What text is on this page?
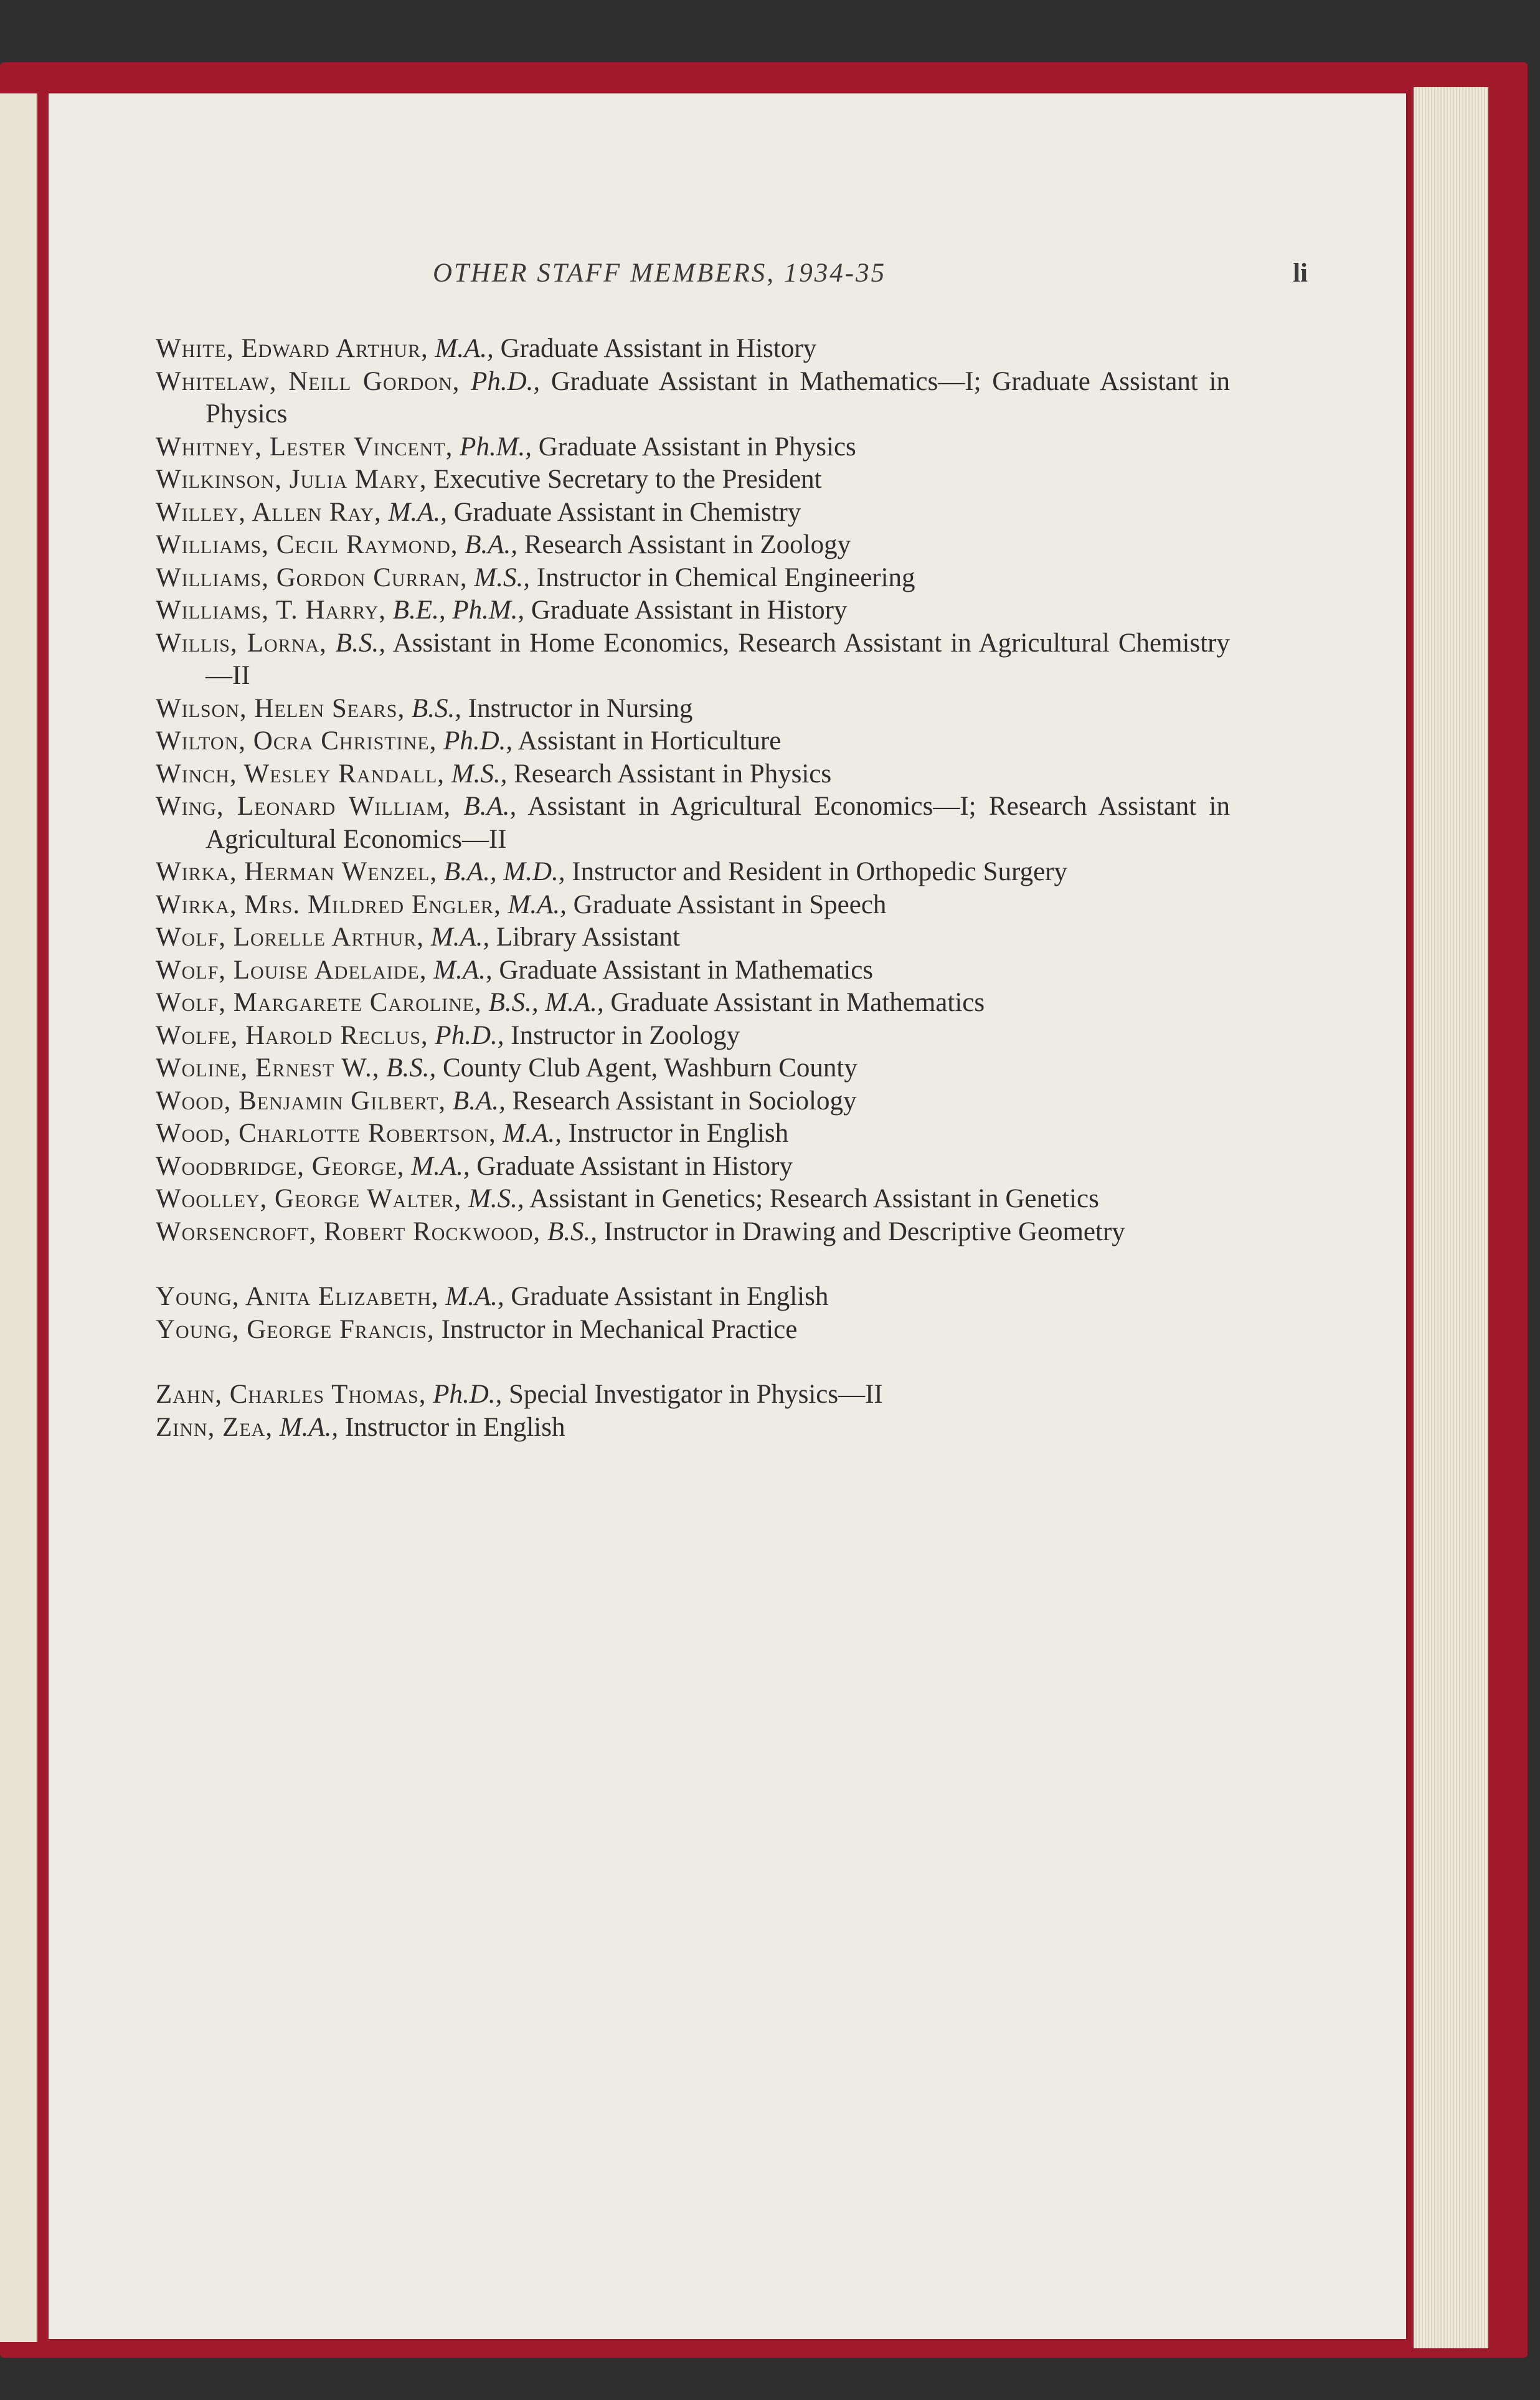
OTHER STAFF MEMBERS, 1934-35	li
White, Edward Arthur, M.A., Graduate Assistant in History
Whitelaw, Neill Gordon, Ph.D., Graduate Assistant in Mathematics—I; Graduate Assistant in Physics
Whitney, Lester Vincent, Ph.M., Graduate Assistant in Physics
Wilkinson, Julia Mary, Executive Secretary to the President
Willey, Allen Ray, M.A., Graduate Assistant in Chemistry
Williams, Cecil Raymond, B.A., Research Assistant in Zoology
Williams, Gordon Curran, M.S., Instructor in Chemical Engineering
Williams, T. Harry, B.E., Ph.M., Graduate Assistant in History
Willis, Lorna, B.S., Assistant in Home Economics, Research Assistant in Agricultural Chemistry—II
Wilson, Helen Sears, B.S., Instructor in Nursing
Wilton, Ocra Christine, Ph.D., Assistant in Horticulture
Winch, Wesley Randall, M.S., Research Assistant in Physics
Wing, Leonard William, B.A., Assistant in Agricultural Economics—I; Research Assistant in Agricultural Economics—II
Wirka, Herman Wenzel, B.A., M.D., Instructor and Resident in Orthopedic Surgery
Wirka, Mrs. Mildred Engler, M.A., Graduate Assistant in Speech
Wolf, Lorelle Arthur, M.A., Library Assistant
Wolf, Louise Adelaide, M.A., Graduate Assistant in Mathematics
Wolf, Margarete Caroline, B.S., M.A., Graduate Assistant in Mathematics
Wolfe, Harold Reclus, Ph.D., Instructor in Zoology
Woline, Ernest W., B.S., County Club Agent, Washburn County
Wood, Benjamin Gilbert, B.A., Research Assistant in Sociology
Wood, Charlotte Robertson, M.A., Instructor in English
Woodbridge, George, M.A., Graduate Assistant in History
Woolley, George Walter, M.S., Assistant in Genetics; Research Assistant in Genetics
Worsencroft, Robert Rockwood, B.S., Instructor in Drawing and Descriptive Geometry
Young, Anita Elizabeth, M.A., Graduate Assistant in English
Young, George Francis, Instructor in Mechanical Practice
Zahn, Charles Thomas, Ph.D., Special Investigator in Physics—II
Zinn, Zea, M.A., Instructor in English
